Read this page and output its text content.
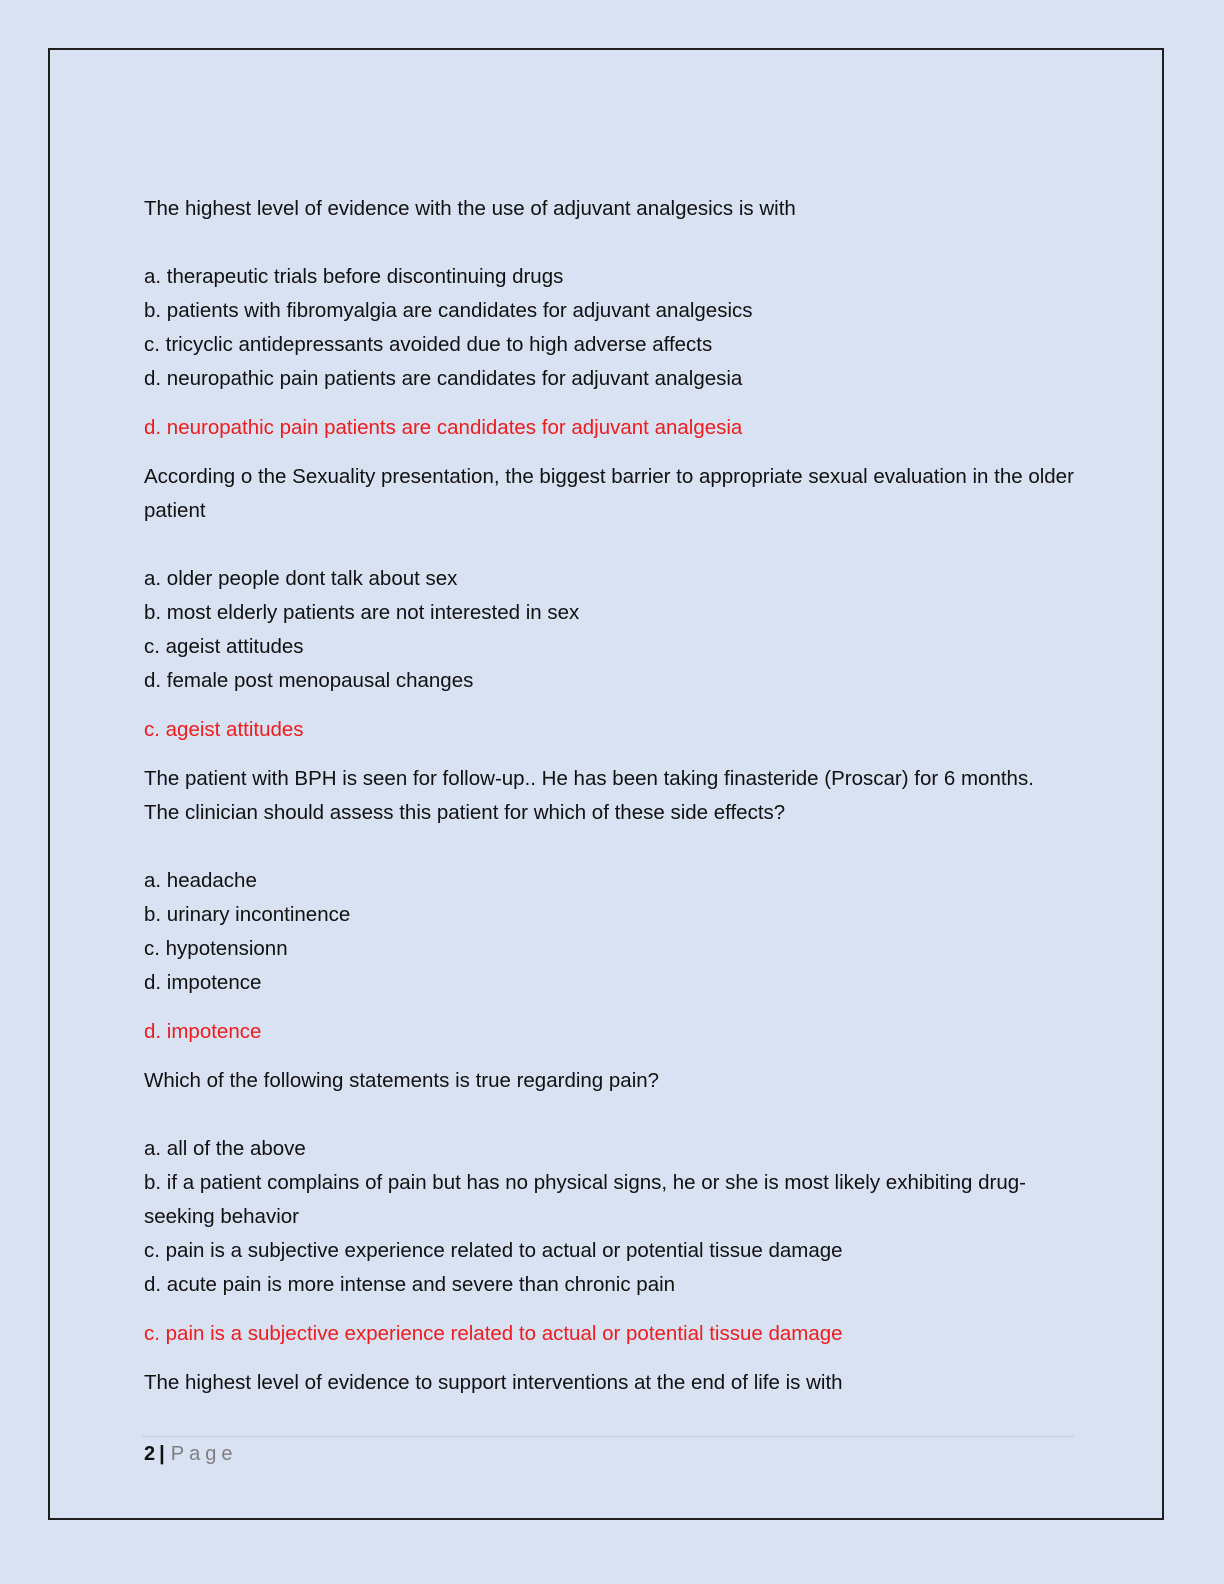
The highest level of evidence with the use of adjuvant analgesics is with

a. therapeutic trials before discontinuing drugs

b. patients with fibromyalgia are candidates for adjuvant analgesics

c. tricyclic antidepressants avoided due to high adverse affects

d. neuropathic pain patients are candidates for adjuvant analgesia

d. neuropathic pain patients are candidates for adjuvant analgesia

According o the Sexuality presentation, the biggest barrier to appropriate sexual evaluation in the older patient

a. older people dont talk about sex

b. most elderly patients are not interested in sex

c. ageist attitudes

d. female post menopausal changes

c. ageist attitudes

The patient with BPH is seen for follow-up.. He has been taking finasteride (Proscar) for 6 months. The clinician should assess this patient for which of these side effects?

a. headache

b. urinary incontinence

c. hypotensionn

d. impotence

d. impotence

Which of the following statements is true regarding pain?

a. all of the above

b. if a patient complains of pain but has no physical signs, he or she is most likely exhibiting drug-seeking behavior

c. pain is a subjective experience related to actual or potential tissue damage

d. acute pain is more intense and severe than chronic pain

c. pain is a subjective experience related to actual or potential tissue damage

The highest level of evidence to support interventions at the end of life is with

2 | Page
